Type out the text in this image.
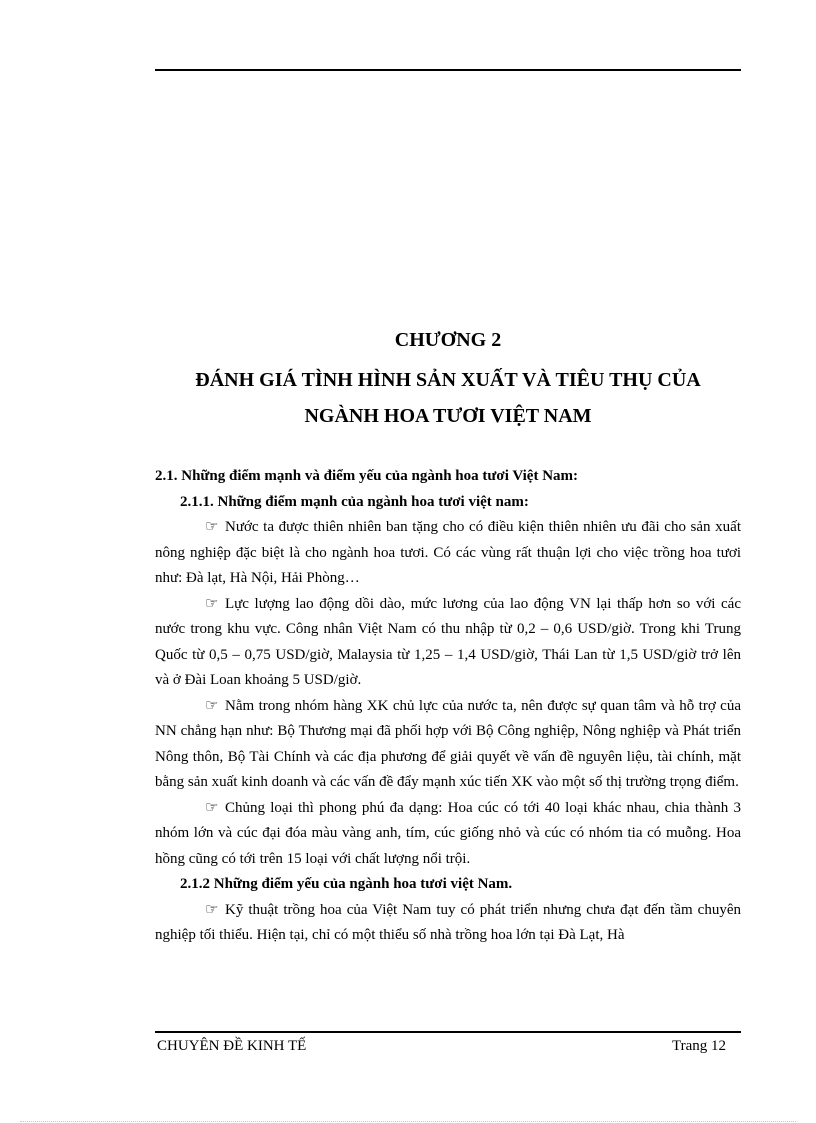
CHƯƠNG 2
ĐÁNH GIÁ TÌNH HÌNH SẢN XUẤT VÀ TIÊU THỤ CỦA
NGÀNH HOA TƯƠI VIỆT NAM

2.1. Những điểm mạnh và điểm yếu của ngành hoa tươi Việt Nam:

2.1.1. Những điểm mạnh của ngành hoa tươi việt nam:

☞ Nước ta được thiên nhiên ban tặng cho có điều kiện thiên nhiên ưu đãi cho sản xuất nông nghiệp đặc biệt là cho ngành hoa tươi. Có các vùng rất thuận lợi cho việc trồng hoa tươi như: Đà lạt, Hà Nội, Hải Phòng…

☞ Lực lượng lao động dồi dào, mức lương của lao động VN lại thấp hơn so với các nước trong khu vực. Công nhân Việt Nam có thu nhập từ 0,2 – 0,6 USD/giờ. Trong khi Trung Quốc từ 0,5 – 0,75 USD/giờ, Malaysia từ 1,25 – 1,4 USD/giờ, Thái Lan từ 1,5 USD/giờ trở lên và ở Đài Loan khoảng 5 USD/giờ.

☞ Nằm trong nhóm hàng XK chủ lực của nước ta, nên được sự quan tâm và hỗ trợ của NN chẳng hạn như: Bộ Thương mại đã phối hợp với Bộ Công nghiệp, Nông nghiệp và Phát triển Nông thôn, Bộ Tài Chính và các địa phương để giải quyết về vấn đề nguyên liệu, tài chính, mặt bằng sản xuất kinh doanh và các vấn đề đẩy mạnh xúc tiến XK vào một số thị trường trọng điểm.

☞ Chủng loại thì phong phú đa dạng: Hoa cúc có tới 40 loại khác nhau, chia thành 3 nhóm lớn và cúc đại đóa màu vàng anh, tím, cúc giống nhỏ và cúc có nhóm tia có muỗng. Hoa hồng cũng có tới trên 15 loại với chất lượng nổi trội.

2.1.2 Những điểm yếu của ngành hoa tươi việt Nam.

☞ Kỹ thuật trồng hoa của Việt Nam tuy có phát triển nhưng chưa đạt đến tầm chuyên nghiệp tối thiểu. Hiện tại, chỉ có một thiểu số nhà trồng hoa lớn tại Đà Lạt, Hà

CHUYÊN ĐỀ KINH TẾ	Trang 12
